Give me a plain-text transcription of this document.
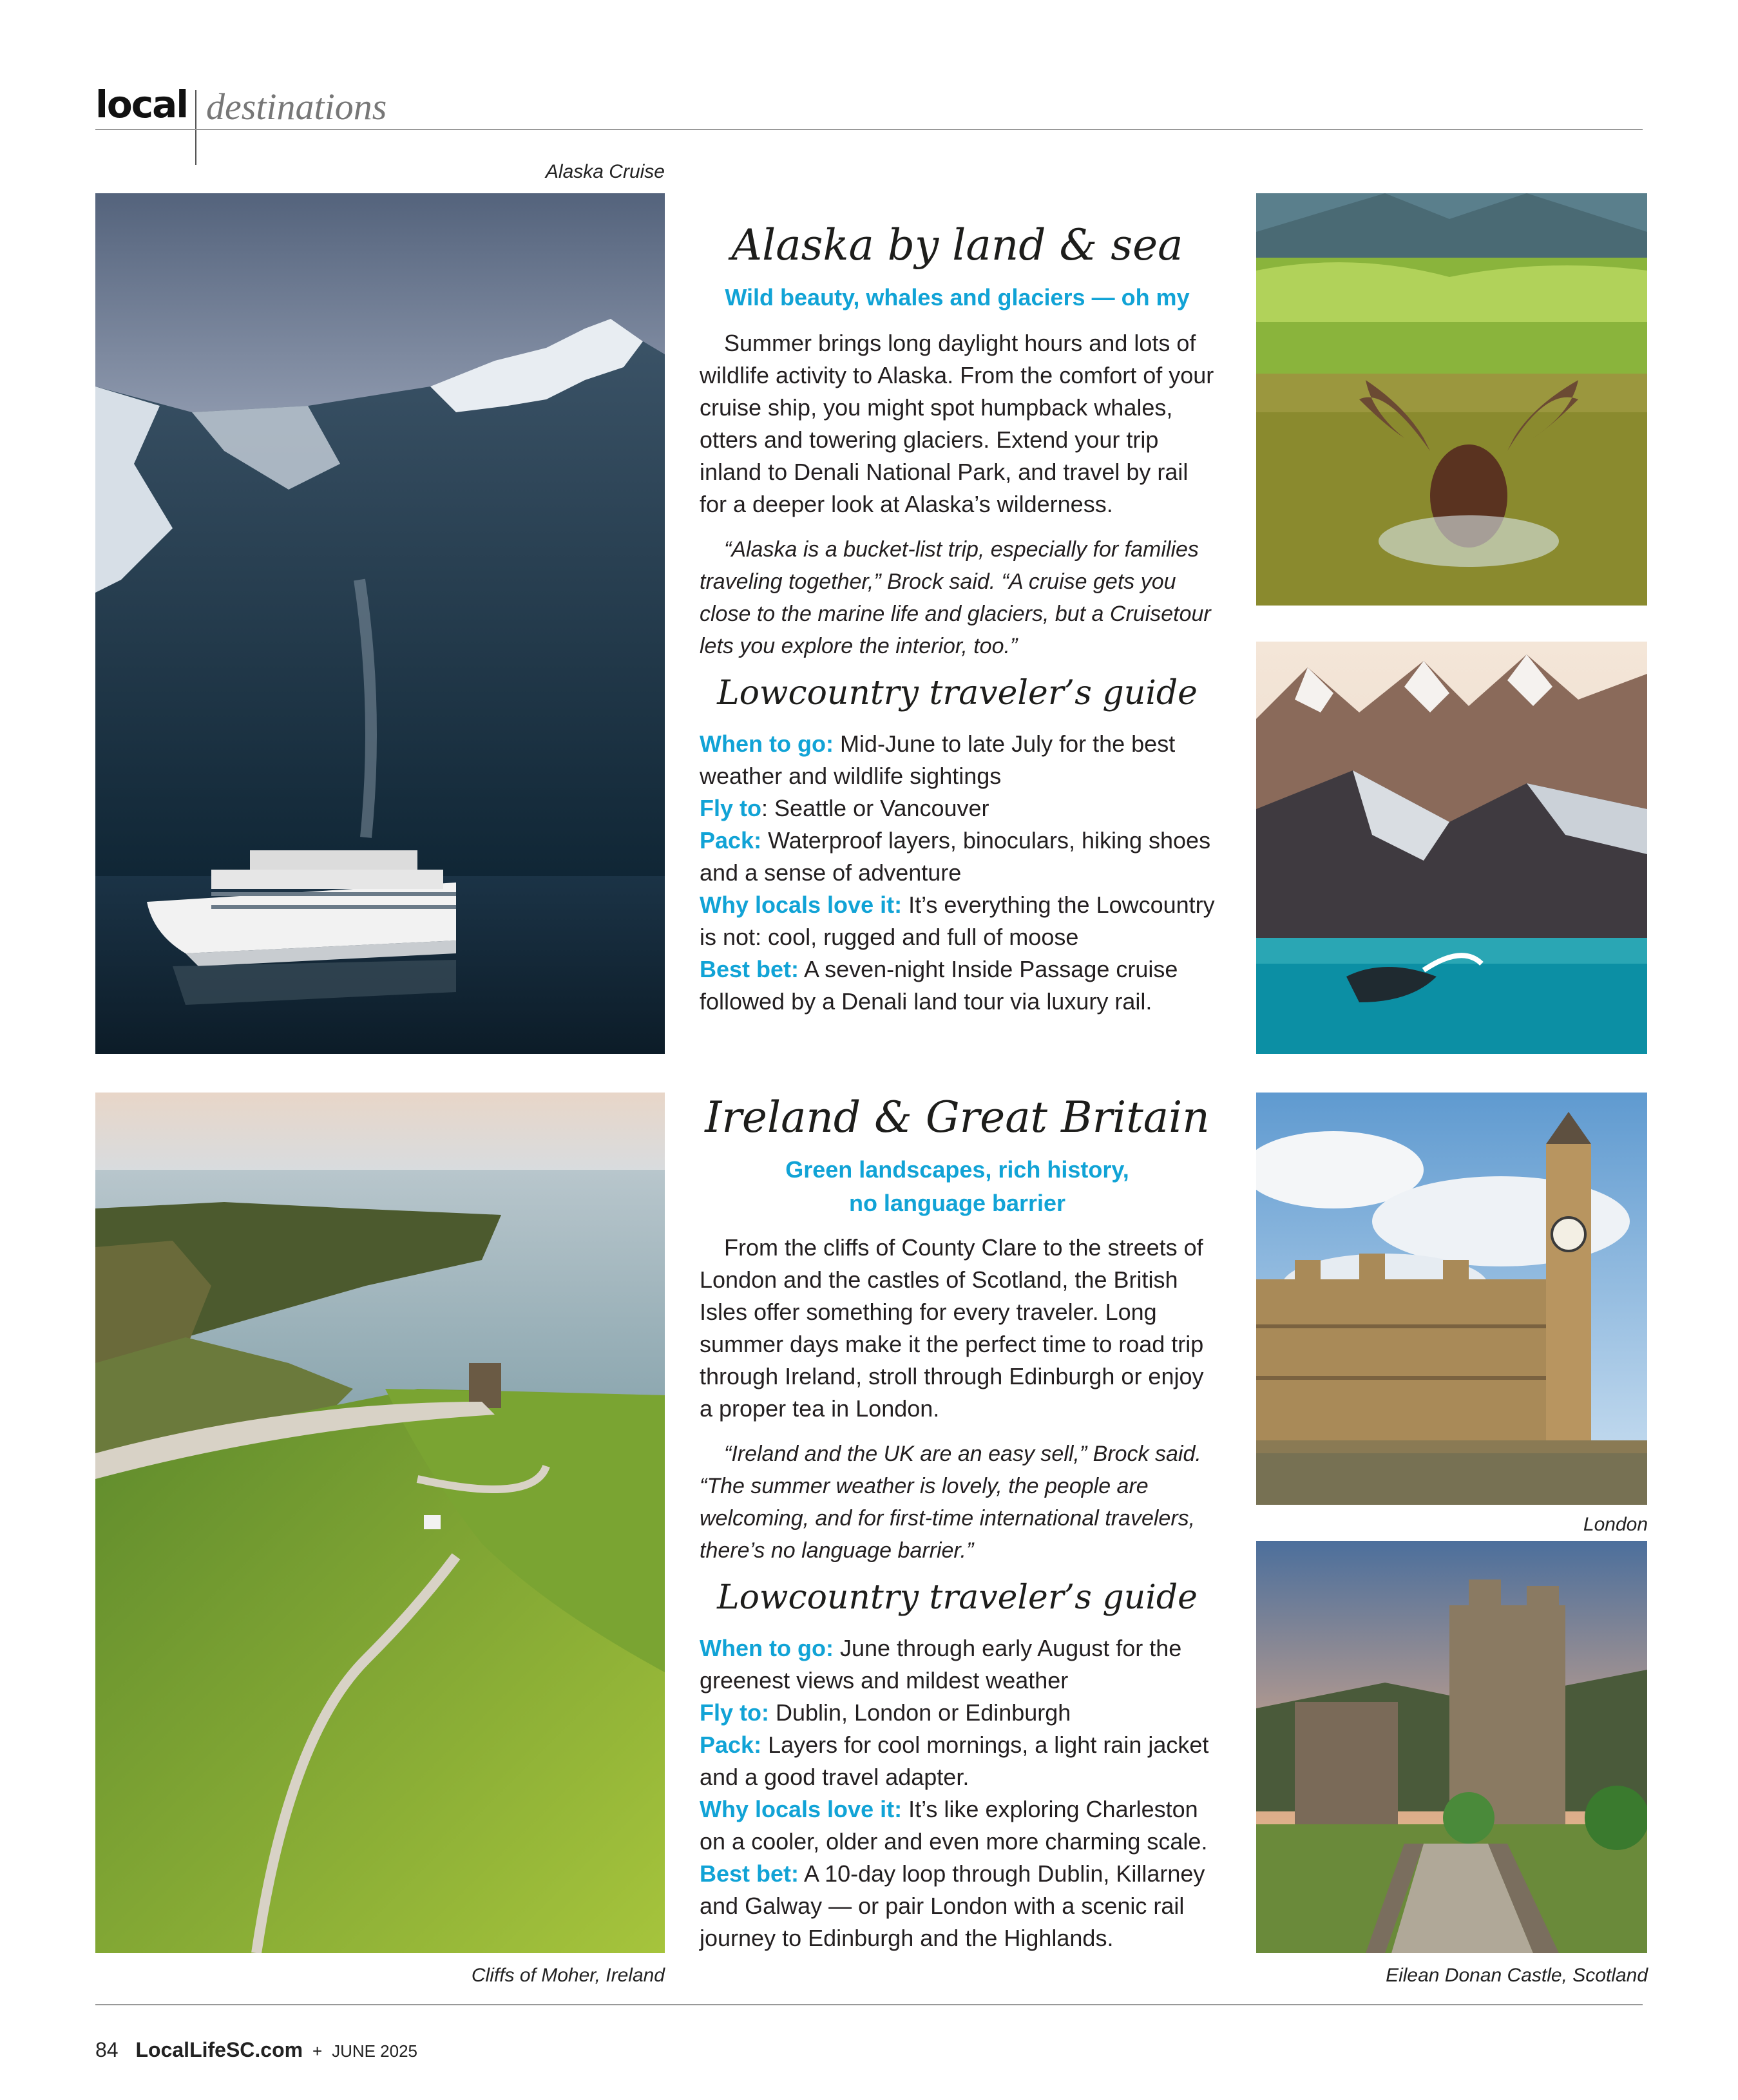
local destinations
Alaska Cruise
Alaska by land & sea
Wild beauty, whales and glaciers — oh my

Summer brings long daylight hours and lots of wildlife activity to Alaska. From the comfort of your cruise ship, you might spot humpback whales, otters and towering glaciers. Extend your trip inland to Denali National Park, and travel by rail for a deeper look at Alaska’s wilderness.

“Alaska is a bucket-list trip, especially for families traveling together,” Brock said. “A cruise gets you close to the marine life and glaciers, but a Cruisetour lets you explore the interior, too.”

Lowcountry traveler’s guide
When to go: Mid-June to late July for the best weather and wildlife sightings
Fly to: Seattle or Vancouver
Pack: Waterproof layers, binoculars, hiking shoes and a sense of adventure
Why locals love it: It’s everything the Lowcountry is not: cool, rugged and full of moose
Best bet: A seven-night Inside Passage cruise followed by a Denali land tour via luxury rail.
Cliffs of Moher, Ireland
Ireland & Great Britain
Green landscapes, rich history,
no language barrier

From the cliffs of County Clare to the streets of London and the castles of Scotland, the British Isles offer something for every traveler. Long summer days make it the perfect time to road trip through Ireland, stroll through Edinburgh or enjoy a proper tea in London.

“Ireland and the UK are an easy sell,” Brock said. “The summer weather is lovely, the people are welcoming, and for first-time international travelers, there’s no language barrier.”

Lowcountry traveler’s guide
When to go: June through early August for the greenest views and mildest weather
Fly to: Dublin, London or Edinburgh
Pack: Layers for cool mornings, a light rain jacket and a good travel adapter.
Why locals love it: It’s like exploring Charleston on a cooler, older and even more charming scale.
Best bet: A 10-day loop through Dublin, Killarney and Galway — or pair London with a scenic rail journey to Edinburgh and the Highlands.
London
Eilean Donan Castle, Scotland
84 LocalLifeSC.com + JUNE 2025
